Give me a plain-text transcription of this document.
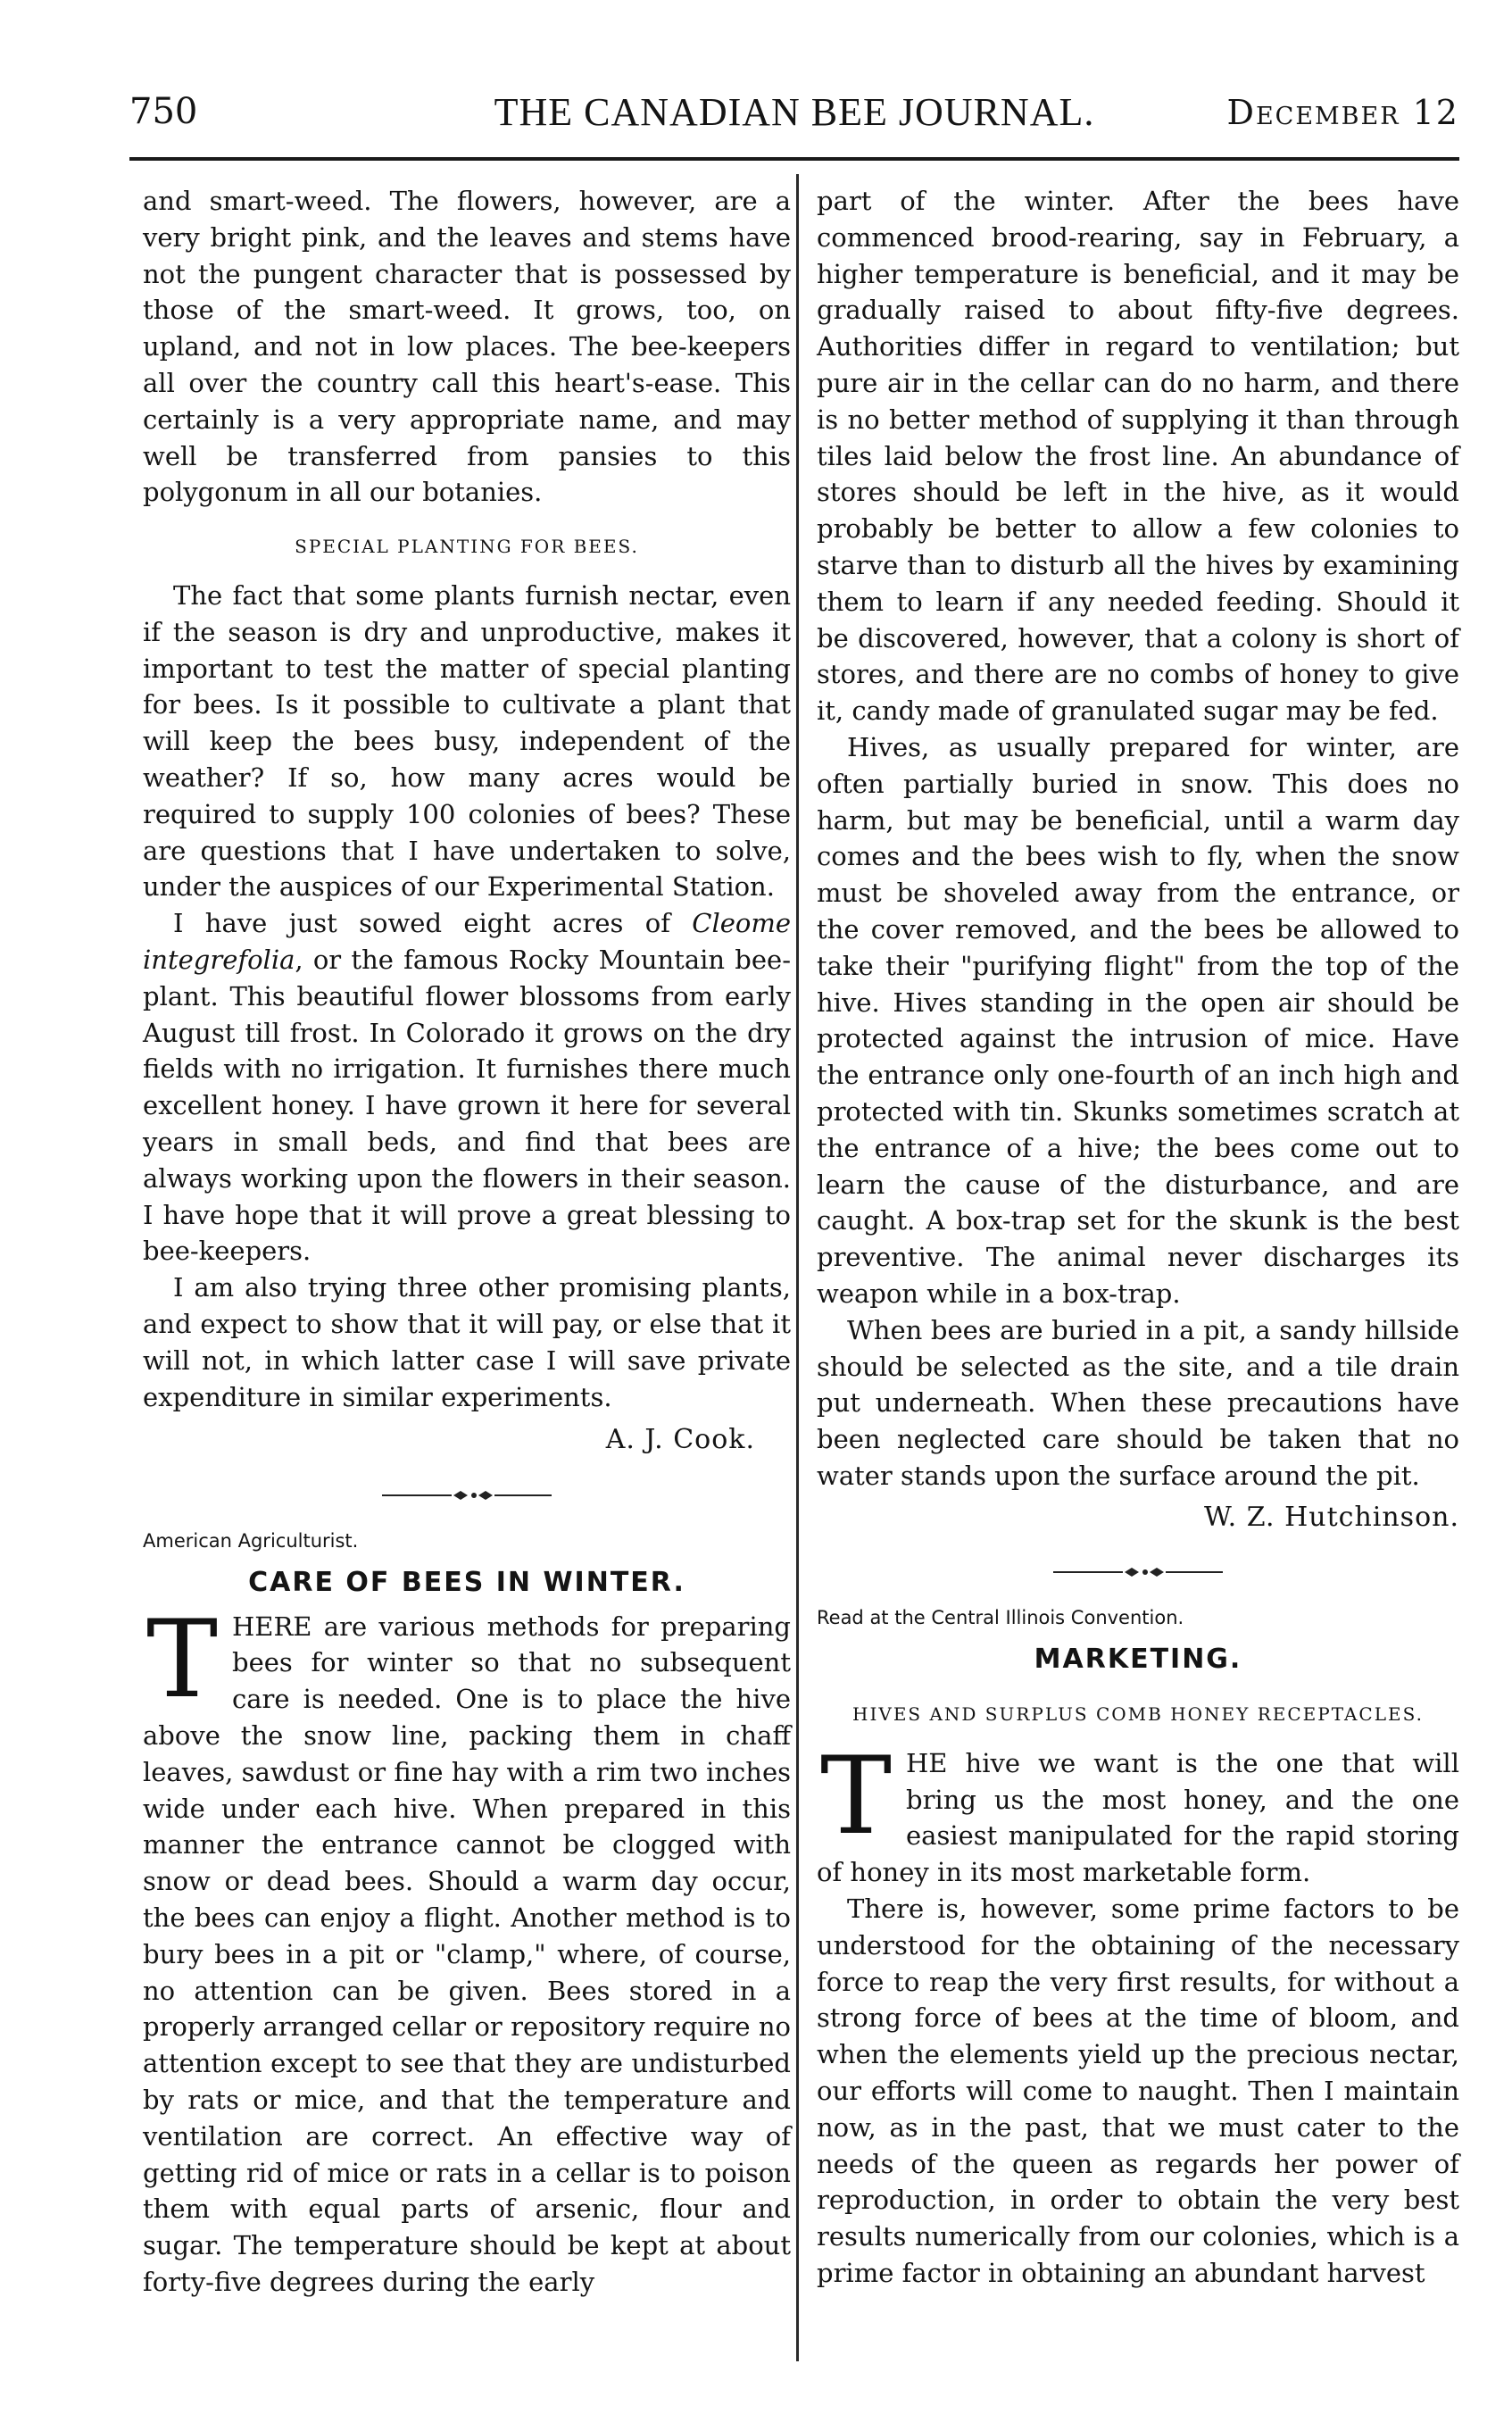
750	THE CANADIAN BEE JOURNAL.	December 12

and smart-weed. The flowers, however, are a very bright pink, and the leaves and stems have not the pungent character that is possessed by those of the smart-weed. It grows, too, on upland, and not in low places. The bee-keepers all over the country call this heart's-ease. This certainly is a very appropriate name, and may well be transferred from pansies to this polygonum in all our botanies.

SPECIAL PLANTING FOR BEES.

The fact that some plants furnish nectar, even if the season is dry and unproductive, makes it important to test the matter of special planting for bees. Is it possible to cultivate a plant that will keep the bees busy, independent of the weather? If so, how many acres would be required to supply 100 colonies of bees? These are questions that I have undertaken to solve, under the auspices of our Experimental Station.

I have just sowed eight acres of Cleome integrefolia, or the famous Rocky Mountain bee-plant. This beautiful flower blossoms from early August till frost. In Colorado it grows on the dry fields with no irrigation. It furnishes there much excellent honey. I have grown it here for several years in small beds, and find that bees are always working upon the flowers in their season. I have hope that it will prove a great blessing to bee-keepers.

I am also trying three other promising plants, and expect to show that it will pay, or else that it will not, in which latter case I will save private expenditure in similar experiments.

A. J. Cook.
American Agriculturist.
CARE OF BEES IN WINTER.

THERE are various methods for preparing bees for winter so that no subsequent care is needed. One is to place the hive above the snow line, packing them in chaff leaves, sawdust or fine hay with a rim two inches wide under each hive. When prepared in this manner the entrance cannot be clogged with snow or dead bees. Should a warm day occur, the bees can enjoy a flight. Another method is to bury bees in a pit or "clamp," where, of course, no attention can be given. Bees stored in a properly arranged cellar or repository require no attention except to see that they are undisturbed by rats or mice, and that the temperature and ventilation are correct. An effective way of getting rid of mice or rats in a cellar is to poison them with equal parts of arsenic, flour and sugar. The temperature should be kept at about forty-five degrees during the early

part of the winter. After the bees have commenced brood-rearing, say in February, a higher temperature is beneficial, and it may be gradually raised to about fifty-five degrees. Authorities differ in regard to ventilation; but pure air in the cellar can do no harm, and there is no better method of supplying it than through tiles laid below the frost line. An abundance of stores should be left in the hive, as it would probably be better to allow a few colonies to starve than to disturb all the hives by examining them to learn if any needed feeding. Should it be discovered, however, that a colony is short of stores, and there are no combs of honey to give it, candy made of granulated sugar may be fed.

Hives, as usually prepared for winter, are often partially buried in snow. This does no harm, but may be beneficial, until a warm day comes and the bees wish to fly, when the snow must be shoveled away from the entrance, or the cover removed, and the bees be allowed to take their "purifying flight" from the top of the hive. Hives standing in the open air should be protected against the intrusion of mice. Have the entrance only one-fourth of an inch high and protected with tin. Skunks sometimes scratch at the entrance of a hive; the bees come out to learn the cause of the disturbance, and are caught. A box-trap set for the skunk is the best preventive. The animal never discharges its weapon while in a box-trap.

When bees are buried in a pit, a sandy hillside should be selected as the site, and a tile drain put underneath. When these precautions have been neglected care should be taken that no water stands upon the surface around the pit.

W. Z. Hutchinson.
Read at the Central Illinois Convention.
MARKETING.
HIVES AND SURPLUS COMB HONEY RECEPTACLES.

THE hive we want is the one that will bring us the most honey, and the one easiest manipulated for the rapid storing of honey in its most marketable form.

There is, however, some prime factors to be understood for the obtaining of the necessary force to reap the very first results, for without a strong force of bees at the time of bloom, and when the elements yield up the precious nectar, our efforts will come to naught. Then I maintain now, as in the past, that we must cater to the needs of the queen as regards her power of reproduction, in order to obtain the very best results numerically from our colonies, which is a prime factor in obtaining an abundant harvest
